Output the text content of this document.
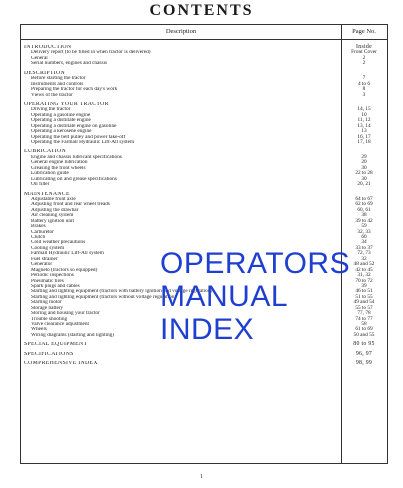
CONTENTS
Description	Page No.
INTRODUCTION	Inside
Delivery report (to be filled in when tractor is delivered)	Front Cover
General	2
Serial numbers, engines and chassis	2
DESCRIPTION
Before starting the tractor	7
Instruments and controls	4 to 6
Preparing the tractor for each day's work	8
Views of the tractor	3
OPERATING YOUR TRACTOR
Driving the tractor	14, 15
Operating a gasoline engine	10
Operating a distillate engine	11, 12
Operating a distillate engine on gasoline	13, 14
Operating a kerosene engine	13
Operating the belt pulley and power take-off	16, 17
Operating the Farmall Hydraulic Lift-All system	17, 18
LUBRICATION
Engine and chassis lubricant specifications	29
General engine lubrication	20
Greasing the front wheels	30
Lubrication guide	22 to 28
Lubricating oil and grease specifications	30
Oil filter	20, 21
MAINTENANCE
Adjustable front axle	64 to 67
Adjusting front and rear wheel treads	62 to 69
Adjusting the drawbar	60, 61
Air cleaning system	38
Battery ignition unit	39 to 42
Brakes	59
Carburetor	32, 33
Clutch	60
Cold weather precautions	34
Cooling system	33 to 37
Farmall Hydraulic Lift-All system	72, 73
Fuel strainer	32
Generator	48 and 52
Magneto (tractors so equipped)	42 to 45
Periodic inspections	31, 32
Pneumatic tires	70 to 72
Spark plugs and cables	39
Starting and lighting equipment (tractors with battery ignition and voltage regulation)	46 to 51
Starting and lighting equipment (tractors without voltage regulation)	51 to 55
Starting motor	49 and 54
Storage battery	55 to 57
Storing and housing your tractor	77, 78
Trouble shooting	74 to 77
Valve clearance adjustment	58
Wheels	61 to 69
Wiring diagrams (starting and lighting)	50 and 55
SPECIAL EQUIPMENT	80 to 95
SPECIFICATIONS	96, 97
COMPREHENSIVE INDEX	98, 99
OPERATORS
MANUAL
INDEX
1
